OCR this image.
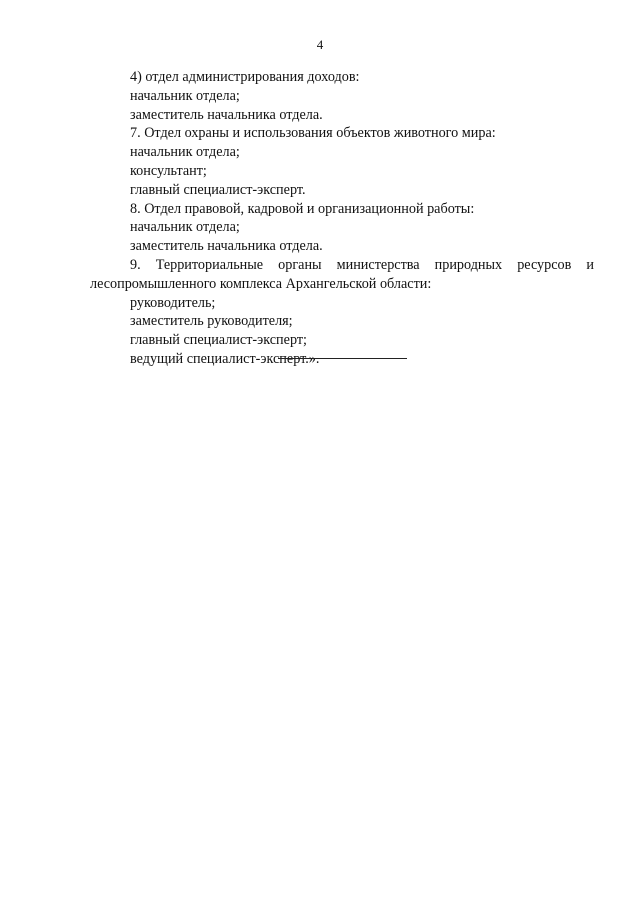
4
4) отдел администрирования доходов:
начальник отдела;
заместитель начальника отдела.
7. Отдел охраны и использования объектов животного мира:
начальник отдела;
консультант;
главный специалист-эксперт.
8. Отдел правовой, кадровой и организационной работы:
начальник отдела;
заместитель начальника отдела.
9. Территориальные органы министерства природных ресурсов и лесопромышленного комплекса Архангельской области:
руководитель;
заместитель руководителя;
главный специалист-эксперт;
ведущий специалист-эксперт.».
